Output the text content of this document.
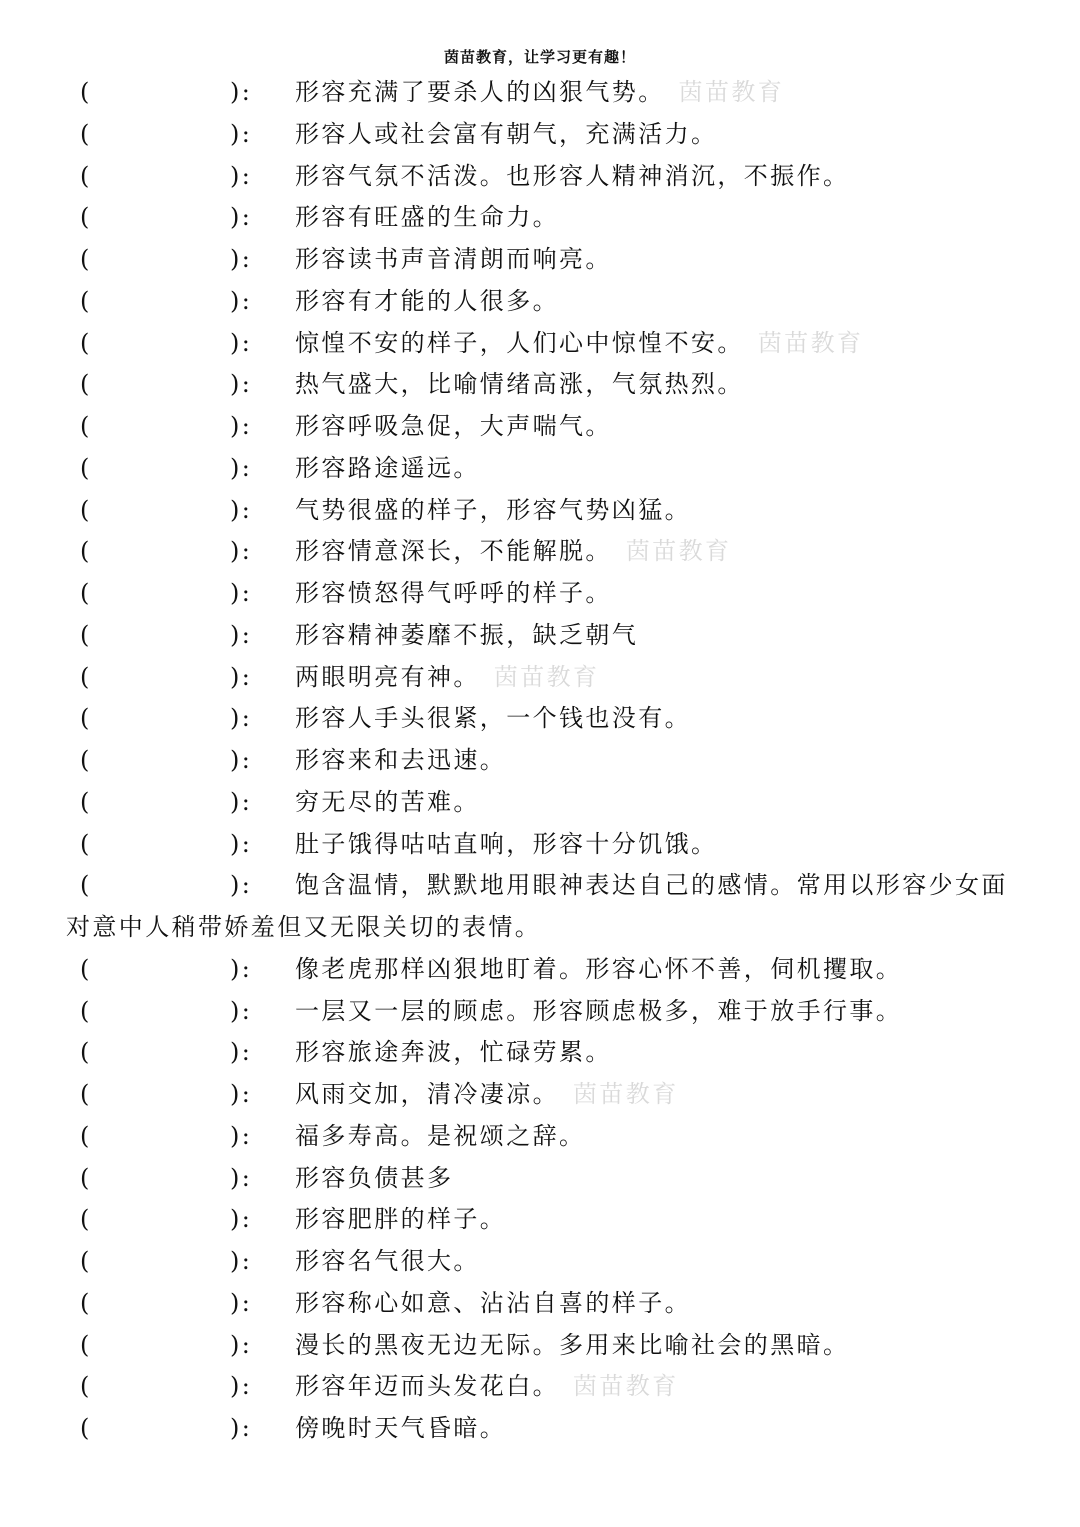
茵苗教育，让学习更有趣！
(	): 形容充满了要杀人的凶狠气势。 茵苗教育
(	): 形容人或社会富有朝气，充满活力。
(	): 形容气氛不活泼。也形容人精神消沉，不振作。
(	): 形容有旺盛的生命力。
(	): 形容读书声音清朗而响亮。
(	): 形容有才能的人很多。
(	): 惊惶不安的样子，人们心中惊惶不安。 茵苗教育
(	): 热气盛大，比喻情绪高涨，气氛热烈。
(	): 形容呼吸急促，大声喘气。
(	): 形容路途遥远。
(	): 气势很盛的样子，形容气势凶猛。
(	): 形容情意深长，不能解脱。 茵苗教育
(	): 形容愤怒得气呼呼的样子。
(	): 形容精神萎靡不振，缺乏朝气
(	): 两眼明亮有神。 茵苗教育
(	): 形容人手头很紧，一个钱也没有。
(	): 形容来和去迅速。
(	): 穷无尽的苦难。
(	): 肚子饿得咕咕直响，形容十分饥饿。
(	):	饱含温情，默默地用眼神表达自己的感情。常用以形容少女面对意中人稍带娇羞但又无限关切的表情。
(	): 像老虎那样凶狠地盯着。形容心怀不善，伺机攫取。
(	): 一层又一层的顾虑。形容顾虑极多，难于放手行事。
(	): 形容旅途奔波，忙碌劳累。
(	): 风雨交加，清冷凄凉。 茵苗教育
(	): 福多寿高。是祝颂之辞。
(	): 形容负债甚多
(	): 形容肥胖的样子。
(	): 形容名气很大。
(	): 形容称心如意、沾沾自喜的样子。
(	): 漫长的黑夜无边无际。多用来比喻社会的黑暗。
(	): 形容年迈而头发花白。 茵苗教育
(	): 傍晚时天气昏暗。
